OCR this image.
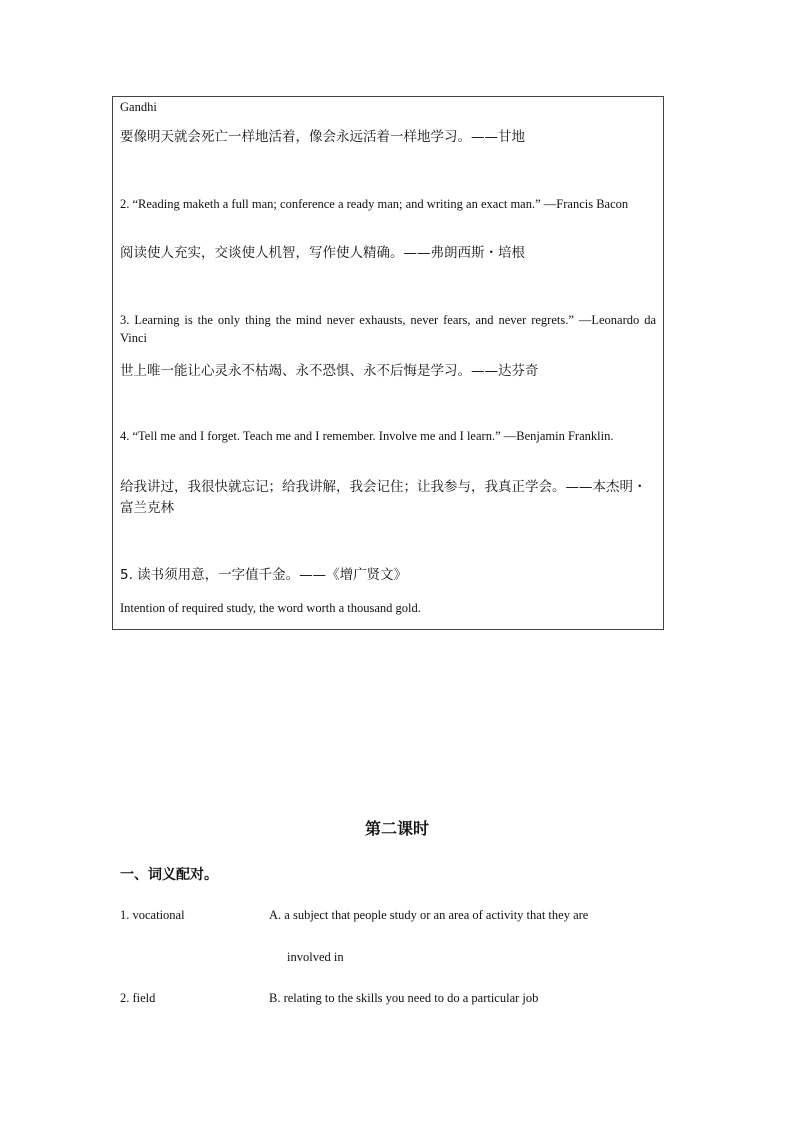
Gandhi

要像明天就会死亡一样地活着，像会永远活着一样地学习。——甘地

2. “Reading maketh a full man; conference a ready man; and writing an exact man.” —Francis Bacon

阅读使人充实，交谈使人机智，写作使人精确。——弗朗西斯・培根

3. Learning is the only thing the mind never exhausts, never fears, and never regrets.” —Leonardo da Vinci

世上唯一能让心灵永不枯竭、永不恐惧、永不后悔是学习。——达芬奇

4. “Tell me and I forget. Teach me and I remember. Involve me and I learn.” —Benjamin Franklin.

给我讲过，我很快就忘记；给我讲解，我会记住；让我参与，我真正学会。——本杰明・富兰克林

5. 读书须用意，一字值千金。——《增广贤文》

Intention of required study, the word worth a thousand gold.

第二课时
一、词义配对。
1. vocational	A. a subject that people study or an area of activity that they are
involved in
2. field	B. relating to the skills you need to do a particular job
